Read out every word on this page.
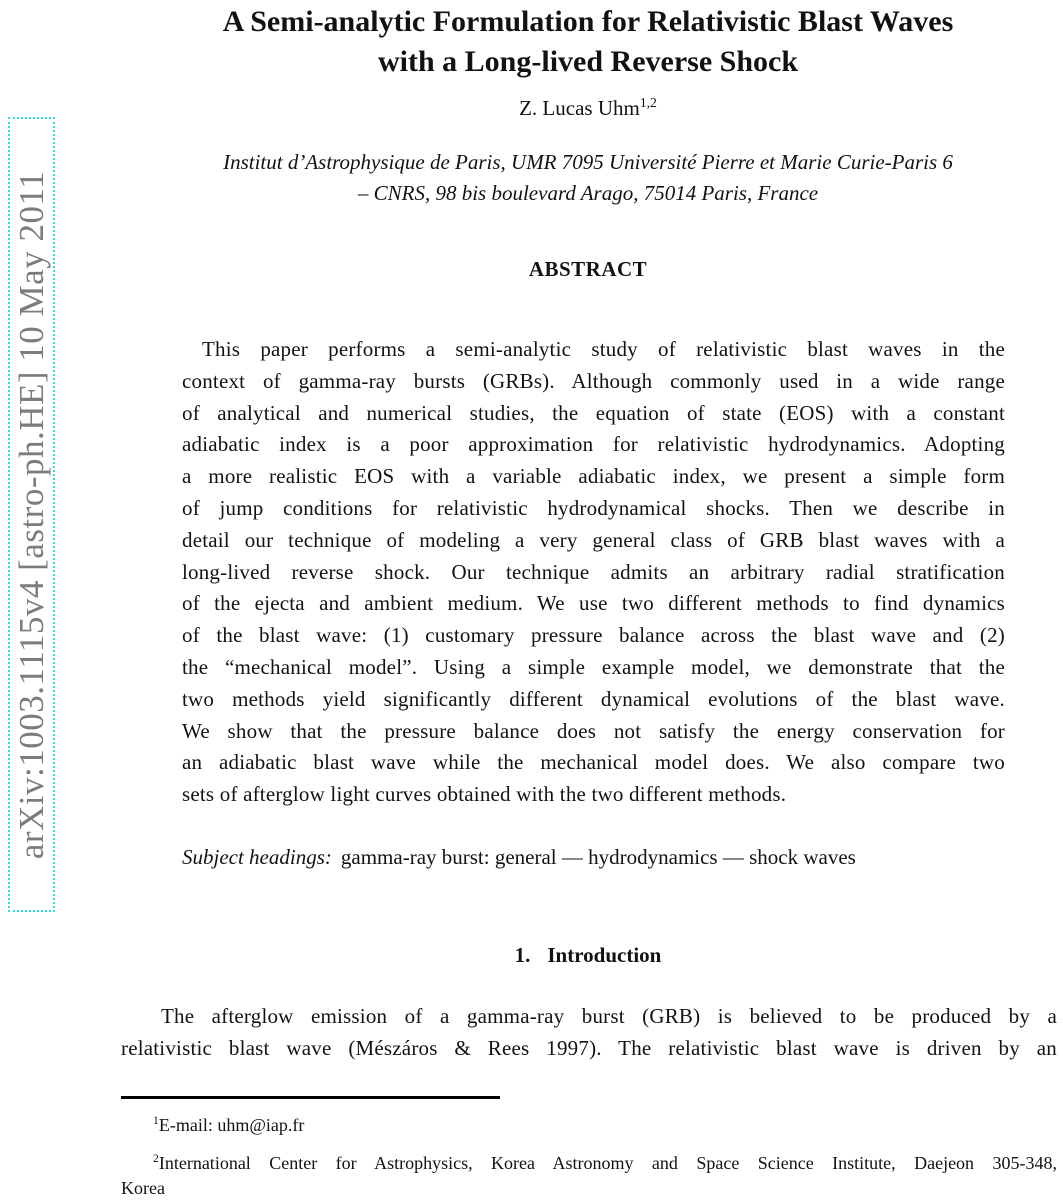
arXiv:1003.1115v4 [astro-ph.HE] 10 May 2011
A Semi-analytic Formulation for Relativistic Blast Waves
with a Long-lived Reverse Shock
Z. Lucas Uhm$^{1,2}$
Institut d’Astrophysique de Paris, UMR 7095 Université Pierre et Marie Curie-Paris 6
– CNRS, 98 bis boulevard Arago, 75014 Paris, France
ABSTRACT
This paper performs a semi-analytic study of relativistic blast waves in the
context of gamma-ray bursts (GRBs). Although commonly used in a wide range
of analytical and numerical studies, the equation of state (EOS) with a constant
adiabatic index is a poor approximation for relativistic hydrodynamics. Adopting
a more realistic EOS with a variable adiabatic index, we present a simple form
of jump conditions for relativistic hydrodynamical shocks. Then we describe in
detail our technique of modeling a very general class of GRB blast waves with a
long-lived reverse shock. Our technique admits an arbitrary radial stratification
of the ejecta and ambient medium. We use two different methods to find dynamics
of the blast wave: (1) customary pressure balance across the blast wave and (2)
the “mechanical model”. Using a simple example model, we demonstrate that the
two methods yield significantly different dynamical evolutions of the blast wave.
We show that the pressure balance does not satisfy the energy conservation for
an adiabatic blast wave while the mechanical model does. We also compare two
sets of afterglow light curves obtained with the two different methods.
Subject headings: gamma-ray burst: general — hydrodynamics — shock waves
1. Introduction
The afterglow emission of a gamma-ray burst (GRB) is believed to be produced by a
relativistic blast wave (Mészáros & Rees 1997). The relativistic blast wave is driven by an
$^1$E-mail: uhm@iap.fr
$^2$International Center for Astrophysics, Korea Astronomy and Space Science Institute, Daejeon 305-348,
Korea
